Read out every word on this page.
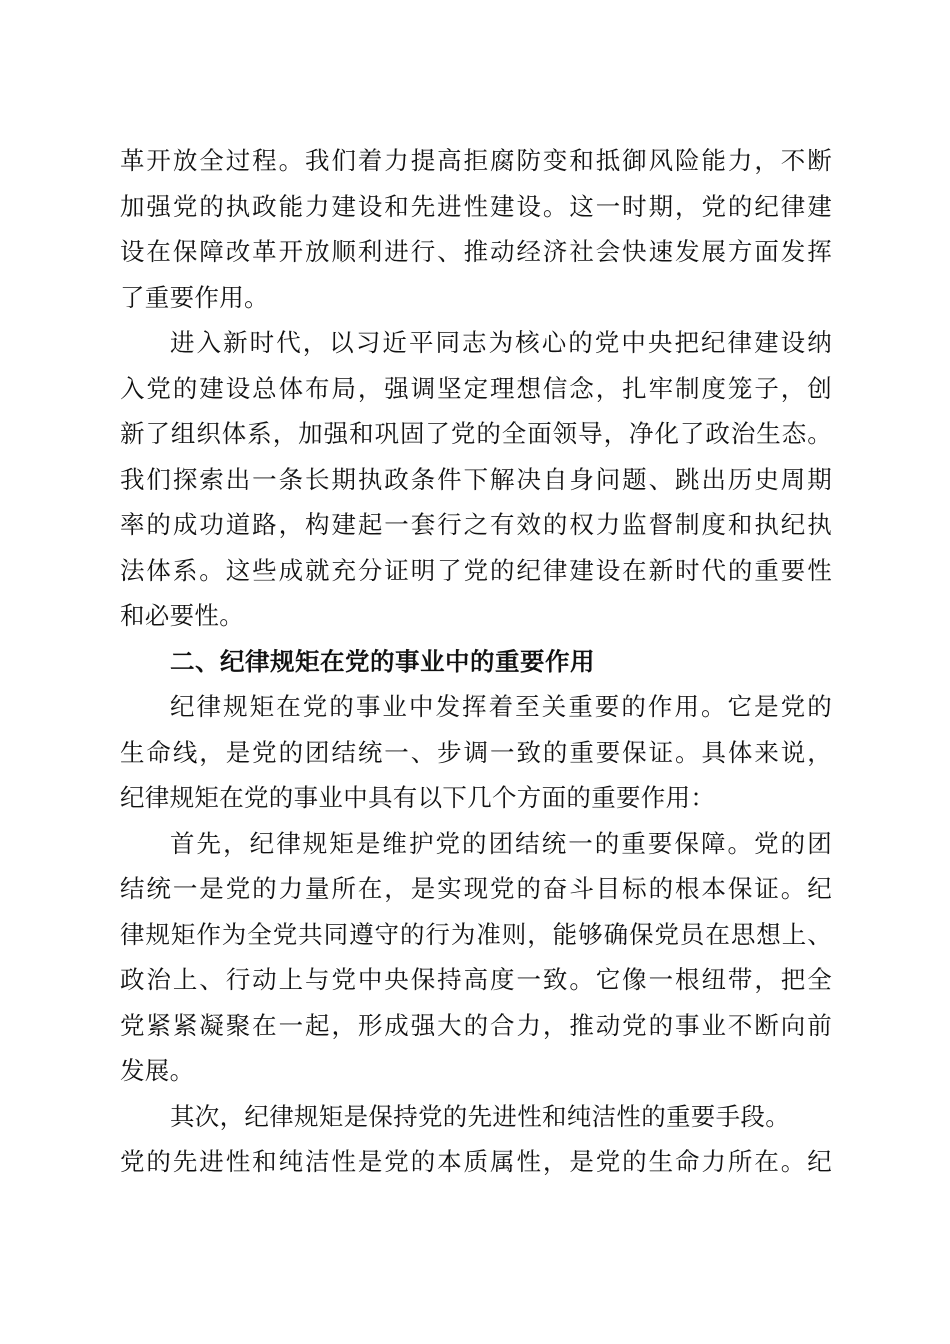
革开放全过程。我们着力提高拒腐防变和抵御风险能力，不断
加强党的执政能力建设和先进性建设。这一时期，党的纪律建
设在保障改革开放顺利进行、推动经济社会快速发展方面发挥
了重要作用。
进入新时代，以习近平同志为核心的党中央把纪律建设纳
入党的建设总体布局，强调坚定理想信念，扎牢制度笼子，创
新了组织体系，加强和巩固了党的全面领导，净化了政治生态。
我们探索出一条长期执政条件下解决自身问题、跳出历史周期
率的成功道路，构建起一套行之有效的权力监督制度和执纪执
法体系。这些成就充分证明了党的纪律建设在新时代的重要性
和必要性。
二、纪律规矩在党的事业中的重要作用
纪律规矩在党的事业中发挥着至关重要的作用。它是党的
生命线，是党的团结统一、步调一致的重要保证。具体来说，
纪律规矩在党的事业中具有以下几个方面的重要作用：
首先，纪律规矩是维护党的团结统一的重要保障。党的团
结统一是党的力量所在，是实现党的奋斗目标的根本保证。纪
律规矩作为全党共同遵守的行为准则，能够确保党员在思想上、
政治上、行动上与党中央保持高度一致。它像一根纽带，把全
党紧紧凝聚在一起，形成强大的合力，推动党的事业不断向前
发展。
其次，纪律规矩是保持党的先进性和纯洁性的重要手段。
党的先进性和纯洁性是党的本质属性，是党的生命力所在。纪
